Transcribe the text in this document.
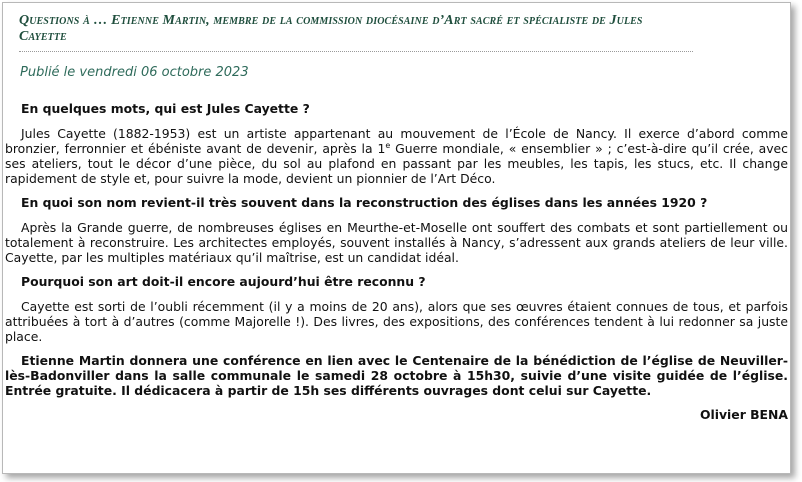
Questions à … Etienne Martin, membre de la commission diocésaine d’Art sacré et spécialiste de Jules Cayette
Publié le vendredi 06 octobre 2023

En quelques mots, qui est Jules Cayette ?

Jules Cayette (1882-1953) est un artiste appartenant au mouvement de l’École de Nancy. Il exerce d’abord comme bronzier, ferronnier et ébéniste avant de devenir, après la 1e Guerre mondiale, « ensemblier » ; c’est-à-dire qu’il crée, avec ses ateliers, tout le décor d’une pièce, du sol au plafond en passant par les meubles, les tapis, les stucs, etc. Il change rapidement de style et, pour suivre la mode, devient un pionnier de l’Art Déco.

En quoi son nom revient-il très souvent dans la reconstruction des églises dans les années 1920 ?

Après la Grande guerre, de nombreuses églises en Meurthe-et-Moselle ont souffert des combats et sont partiellement ou totalement à reconstruire. Les architectes employés, souvent installés à Nancy, s’adressent aux grands ateliers de leur ville. Cayette, par les multiples matériaux qu’il maîtrise, est un candidat idéal.

Pourquoi son art doit-il encore aujourd’hui être reconnu ?

Cayette est sorti de l’oubli récemment (il y a moins de 20 ans), alors que ses œuvres étaient connues de tous, et parfois attribuées à tort à d’autres (comme Majorelle !). Des livres, des expositions, des conférences tendent à lui redonner sa juste place.

Etienne Martin donnera une conférence en lien avec le Centenaire de la bénédiction de l’église de Neuviller-lès-Badonviller dans la salle communale le samedi 28 octobre à 15h30, suivie d’une visite guidée de l’église. Entrée gratuite. Il dédicacera à partir de 15h ses différents ouvrages dont celui sur Cayette.

Olivier BENA
